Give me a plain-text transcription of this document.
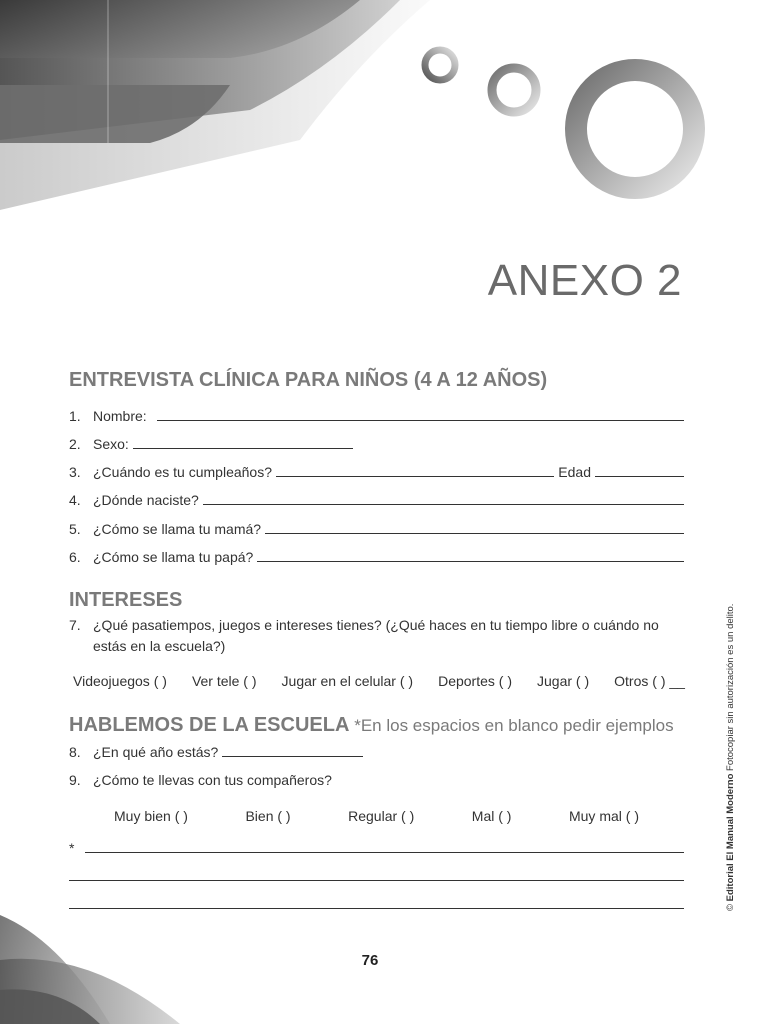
ANEXO 2
ENTREVISTA CLÍNICA PARA NIÑOS (4 A 12 AÑOS)
1. Nombre:
2. Sexo:
3. ¿Cuándo es tu cumpleaños?	Edad
4. ¿Dónde naciste?
5. ¿Cómo se llama tu mamá?
6. ¿Cómo se llama tu papá?
INTERESES
7. ¿Qué pasatiempos, juegos e intereses tienes? (¿Qué haces en tu tiempo libre o cuándo no estás en la escuela?)
Videojuegos ( ) Ver tele ( ) Jugar en el celular ( ) Deportes ( ) Jugar ( ) Otros ( ) __
HABLEMOS DE LA ESCUELA *En los espacios en blanco pedir ejemplos
8. ¿En qué año estás?
9. ¿Cómo te llevas con tus compañeros?
Muy bien ( )	Bien ( )	Regular ( )	Mal ( )	Muy mal ( )
*
© Editorial El Manual Moderno Fotocopiar sin autorización es un delito.
76
